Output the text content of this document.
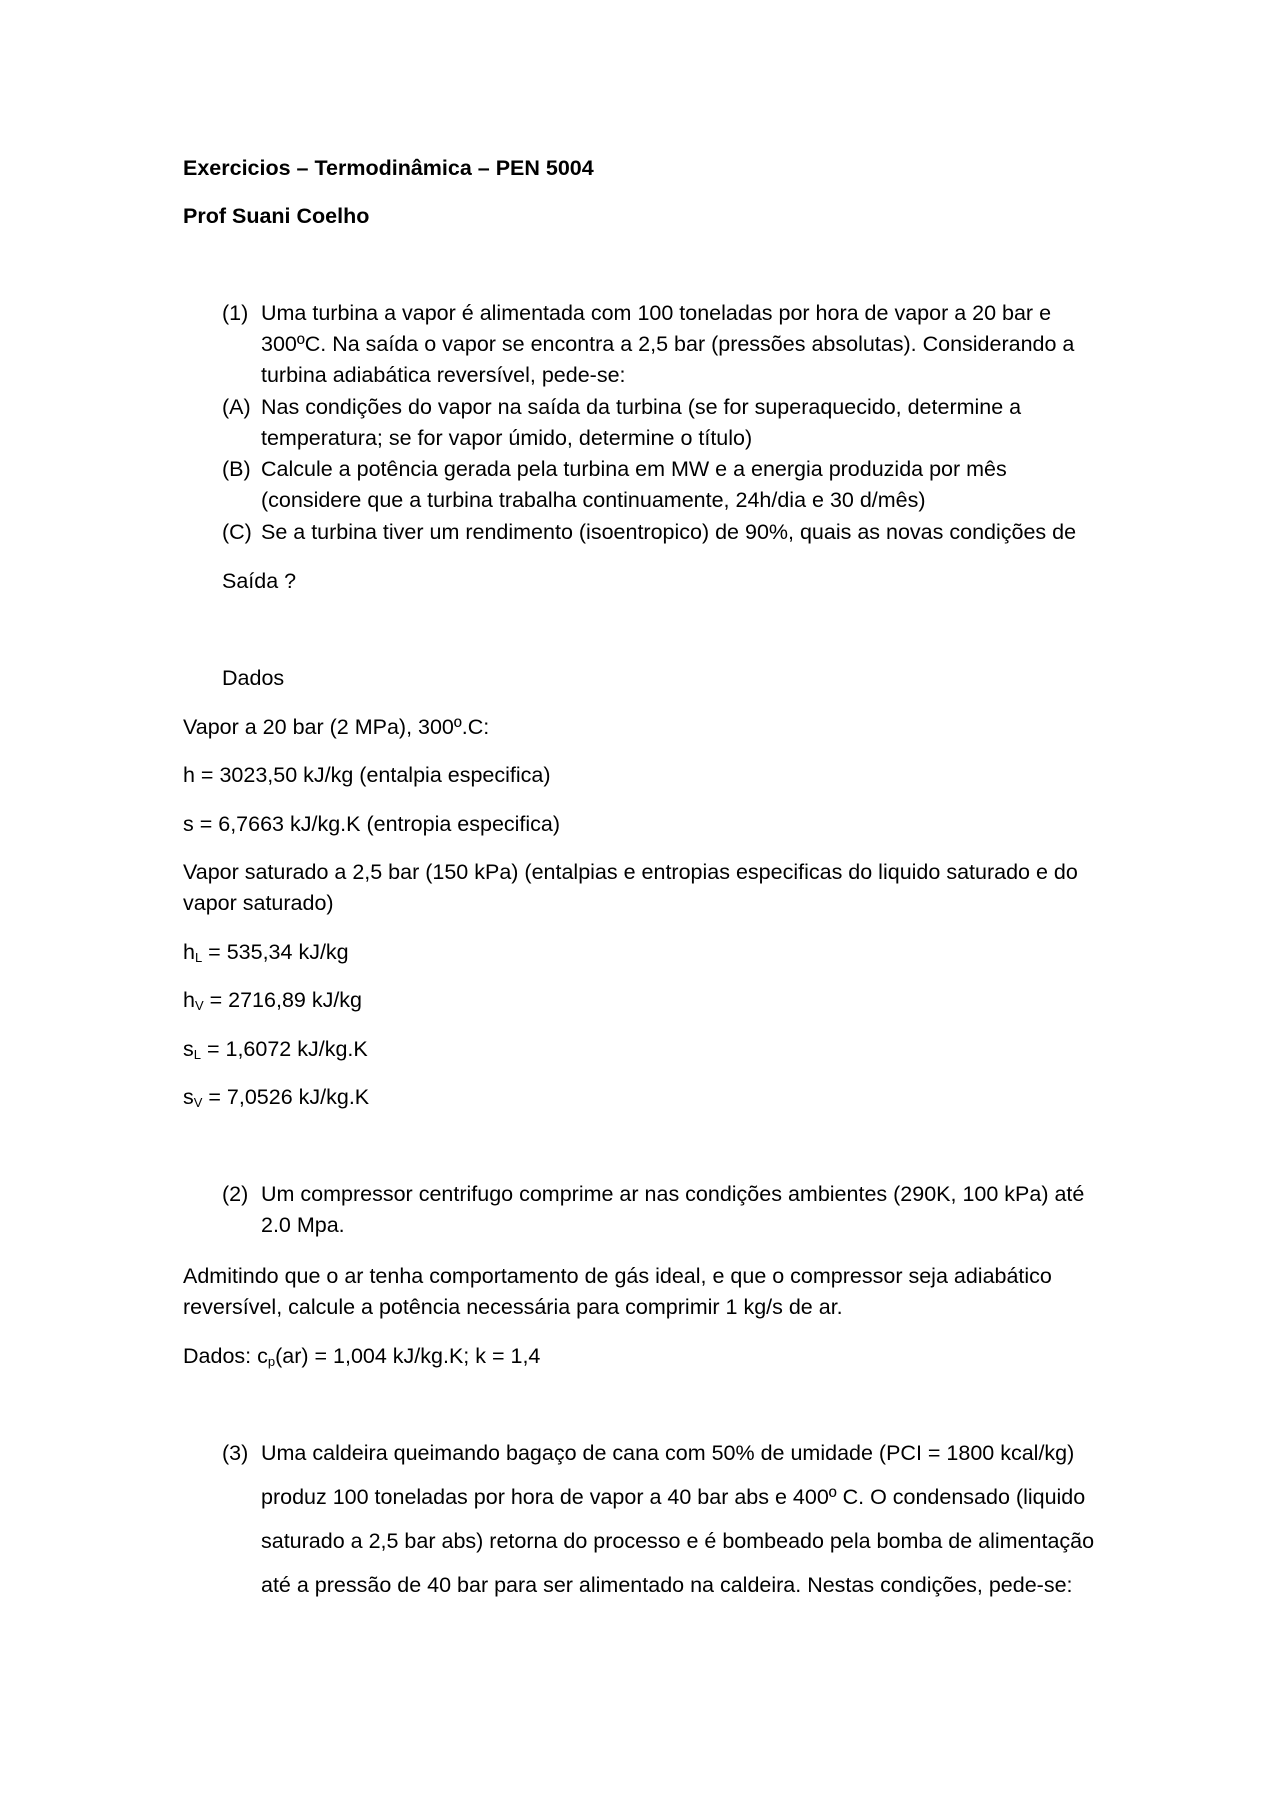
Exercicios – Termodinâmica – PEN 5004
Prof Suani Coelho
(1) Uma turbina a vapor é alimentada com 100 toneladas por hora de vapor a 20 bar e
300ºC. Na saída o vapor se encontra a 2,5 bar (pressões absolutas). Considerando a
turbina adiabática reversível, pede-se:
(A) Nas condições do vapor na saída da turbina (se for superaquecido, determine a
temperatura; se for vapor úmido, determine o título)
(B) Calcule a potência gerada pela turbina em MW e a energia produzida por mês
(considere que a turbina trabalha continuamente, 24h/dia e 30 d/mês)
(C) Se a turbina tiver um rendimento (isoentropico) de 90%, quais as novas condições de
Saída ?
Dados
Vapor a 20 bar (2 MPa), 300º.C:
h = 3023,50 kJ/kg (entalpia especifica)
s = 6,7663 kJ/kg.K (entropia especifica)
Vapor saturado a 2,5 bar (150 kPa) (entalpias e entropias especificas do liquido saturado e do
vapor saturado)
$h_L = 535,34$ kJ/kg
$h_V = 2716,89$ kJ/kg
$s_L = 1,6072$ kJ/kg.K
$s_V = 7,0526$ kJ/kg.K
(2) Um compressor centrifugo comprime ar nas condições ambientes (290K, 100 kPa) até
2.0 Mpa.
Admitindo que o ar tenha comportamento de gás ideal, e que o compressor seja adiabático
reversível, calcule a potência necessária para comprimir 1 kg/s de ar.
Dados: $c_p(ar) = 1,004$ kJ/kg.K; k = 1,4
(3) Uma caldeira queimando bagaço de cana com 50% de umidade (PCI = 1800 kcal/kg)
produz 100 toneladas por hora de vapor a 40 bar abs e 400º C. O condensado (liquido
saturado a 2,5 bar abs) retorna do processo e é bombeado pela bomba de alimentação
até a pressão de 40 bar para ser alimentado na caldeira. Nestas condições, pede-se:
